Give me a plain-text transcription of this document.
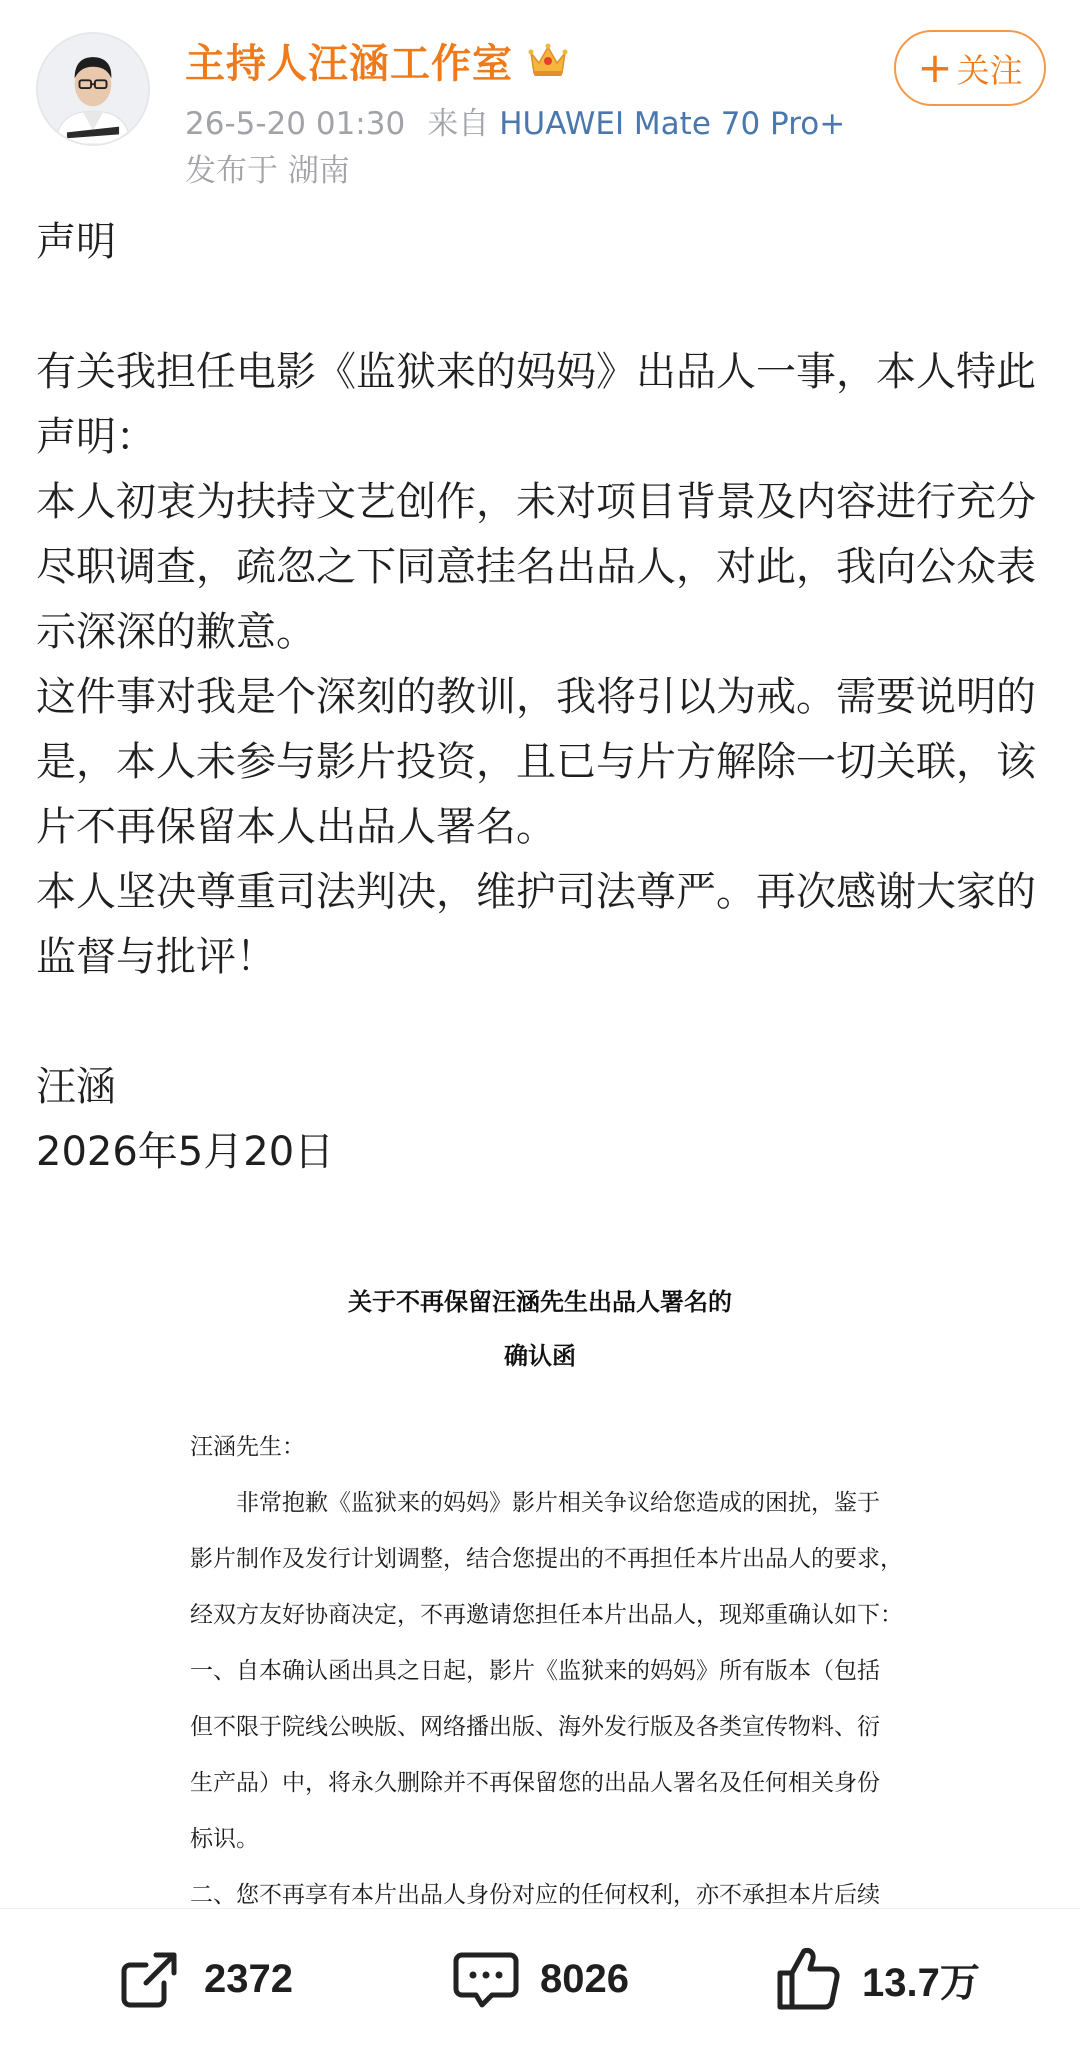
主持人汪涵工作室
26-5-20 01:30 来自 HUAWEI Mate 70 Pro+
发布于 湖南
+ 关注

声明

有关我担任电影《监狱来的妈妈》出品人一事，本人特此声明：

本人初衷为扶持文艺创作，未对项目背景及内容进行充分尽职调查，疏忽之下同意挂名出品人，对此，我向公众表示深深的歉意。

这件事对我是个深刻的教训，我将引以为戒。需要说明的是，本人未参与影片投资，且已与片方解除一切关联，该片不再保留本人出品人署名。

本人坚决尊重司法判决，维护司法尊严。再次感谢大家的监督与批评！

汪涵

2026年5月20日

关于不再保留汪涵先生出品人署名的
确认函
汪涵先生：
　　非常抱歉《监狱来的妈妈》影片相关争议给您造成的困扰，鉴于
影片制作及发行计划调整，结合您提出的不再担任本片出品人的要求，
经双方友好协商决定，不再邀请您担任本片出品人，现郑重确认如下：
一、自本确认函出具之日起，影片《监狱来的妈妈》所有版本（包括
但不限于院线公映版、网络播出版、海外发行版及各类宣传物料、衍
生产品）中，将永久删除并不再保留您的出品人署名及任何相关身份
标识。
二、您不再享有本片出品人身份对应的任何权利，亦不承担本片后续
2372	8026	13.7万
